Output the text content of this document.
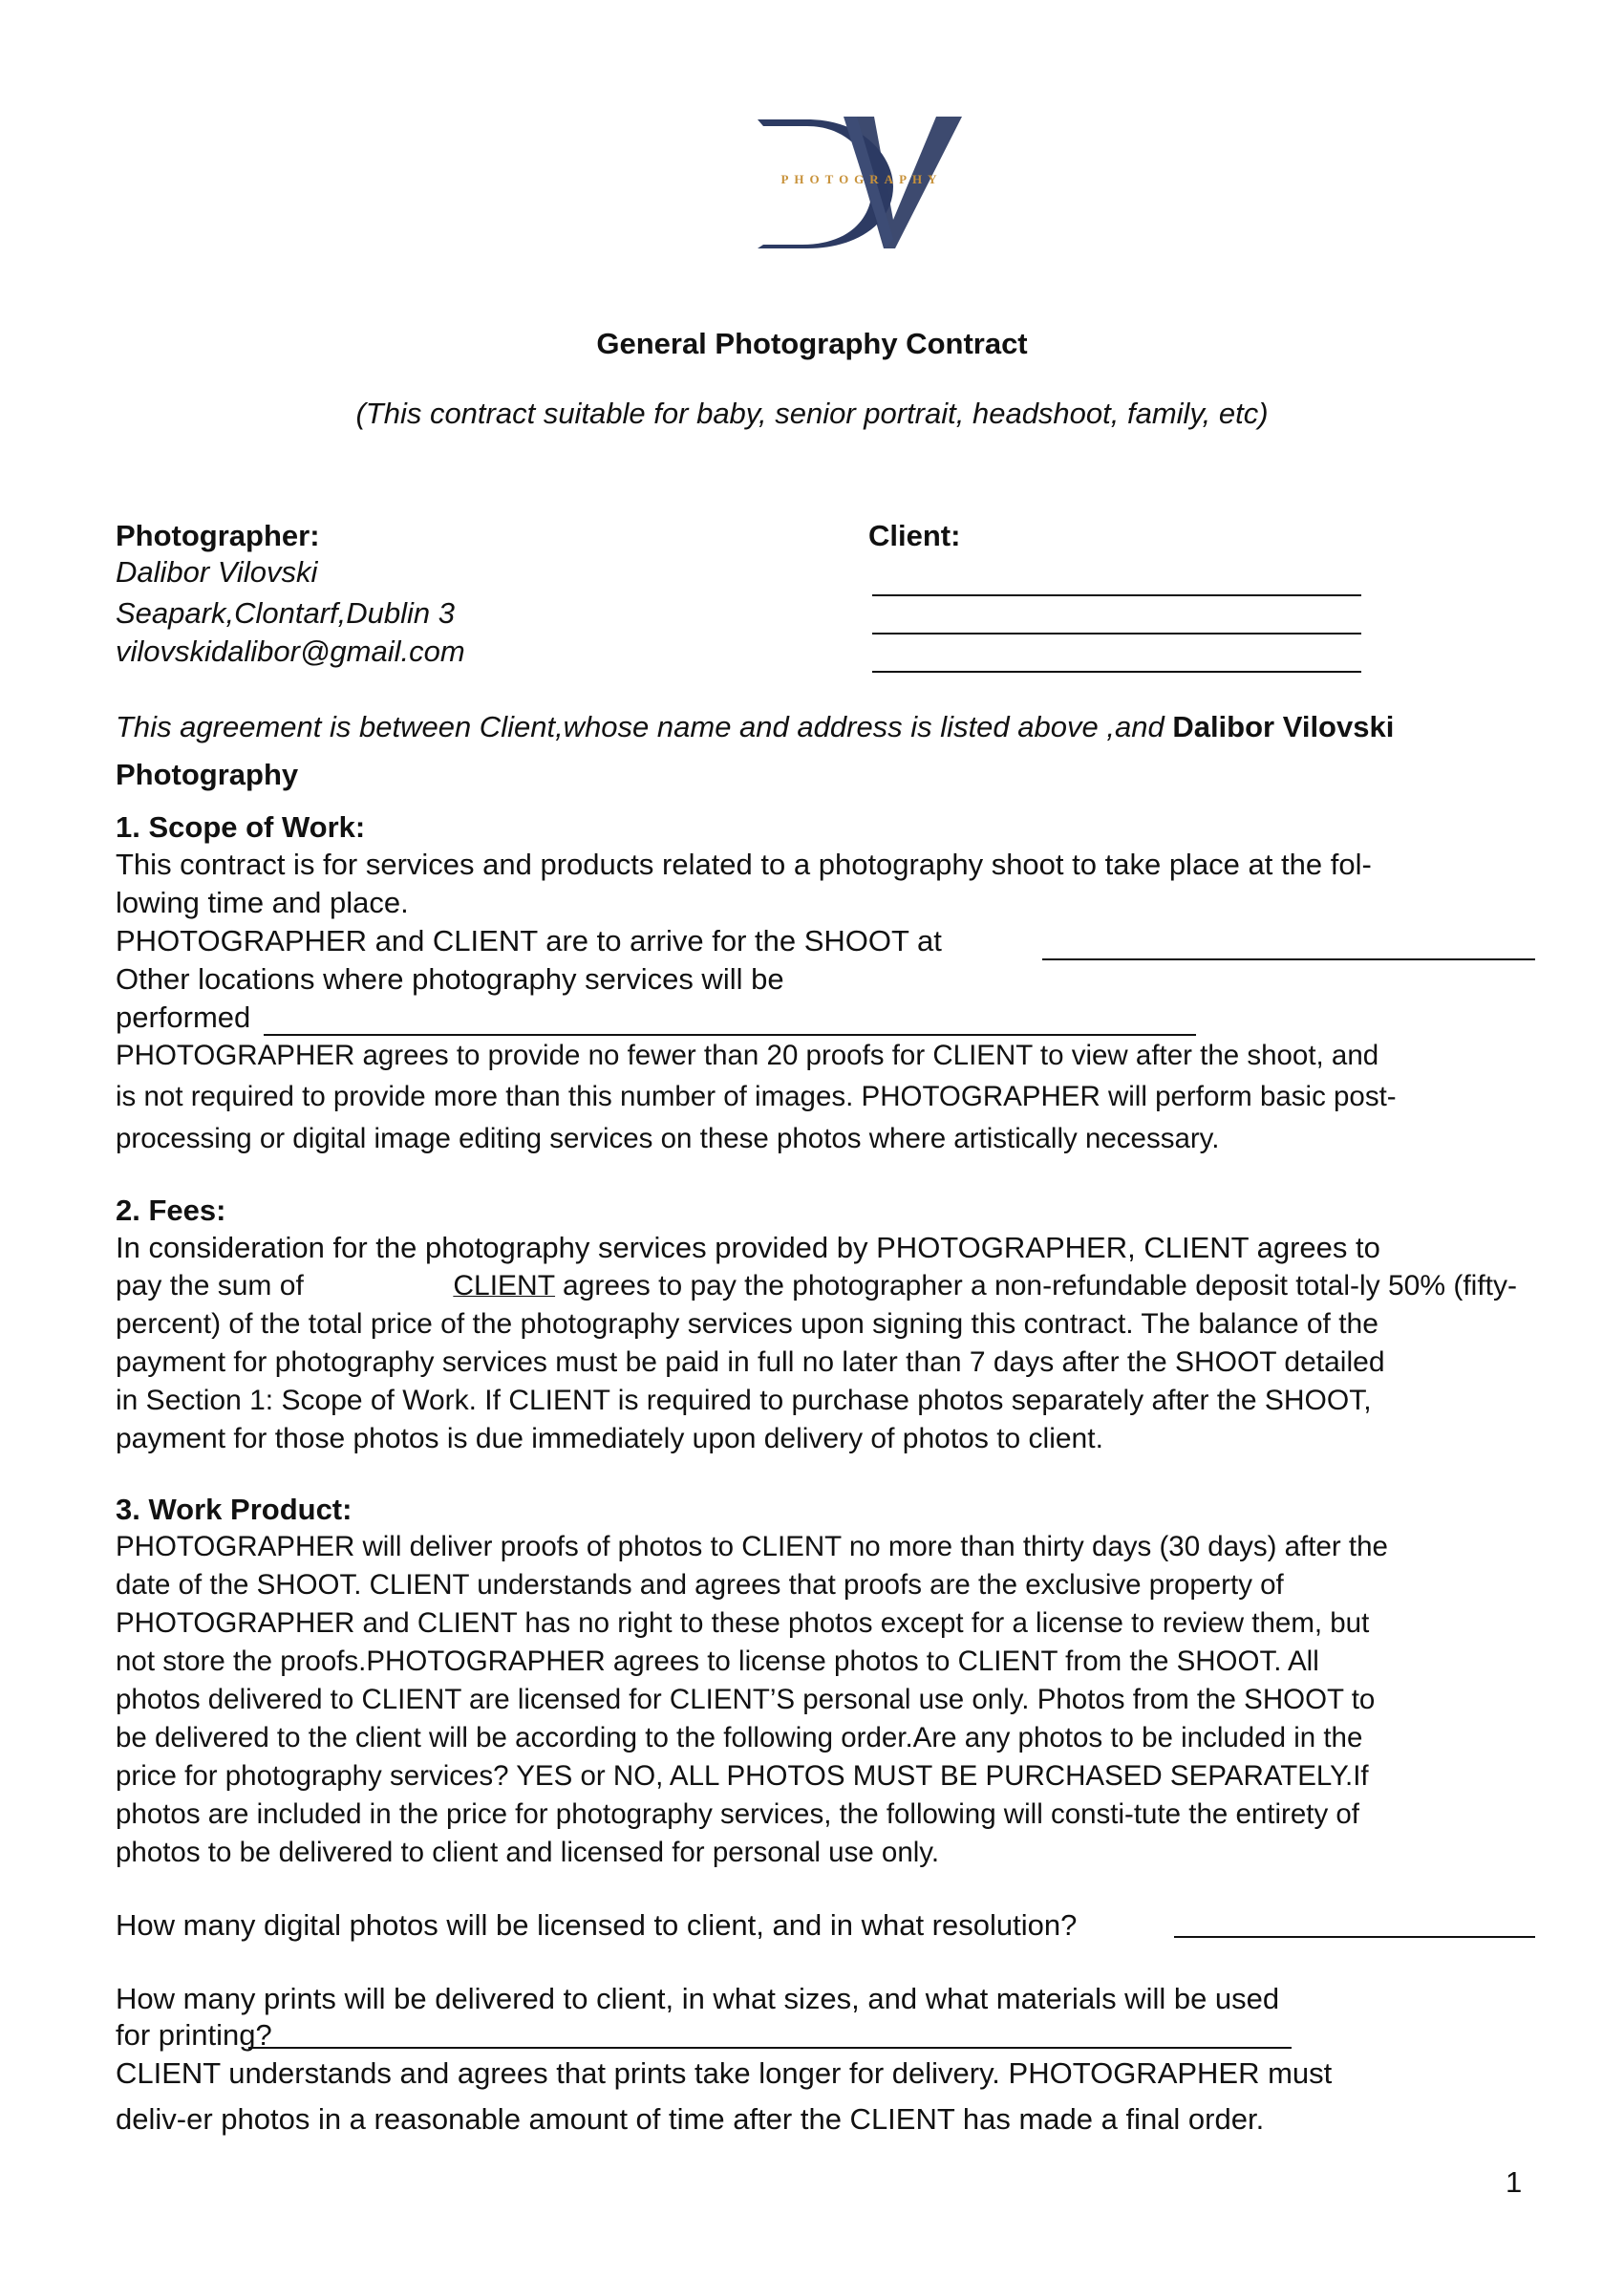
PHOTOGRAPHY
General Photography Contract
(This contract suitable for baby, senior portrait, headshoot, family, etc)
Photographer:
Dalibor Vilovski
Seapark,Clontarf,Dublin 3
vilovskidalibor@gmail.com
Client:
This agreement is between Client,whose name and address is listed above ,and Dalibor Vilovski
Photography
1. Scope of Work:
This contract is for services and products related to a photography shoot to take place at the fol-
lowing time and place.
PHOTOGRAPHER and CLIENT are to arrive for the SHOOT at
Other locations where photography services will be
performed
PHOTOGRAPHER agrees to provide no fewer than 20 proofs for CLIENT to view after the shoot, and
is not required to provide more than this number of images. PHOTOGRAPHER will perform basic post-
processing or digital image editing services on these photos where artistically necessary.
2. Fees:
In consideration for the photography services provided by PHOTOGRAPHER, CLIENT agrees to
pay the sum of	CLIENT agrees to pay the photographer a non-refundable deposit total-ly 50% (fifty-
percent) of the total price of the photography services upon signing this contract. The balance of the
payment for photography services must be paid in full no later than 7 days after the SHOOT detailed
in Section 1: Scope of Work. If CLIENT is required to purchase photos separately after the SHOOT,
payment for those photos is due immediately upon delivery of photos to client.
3. Work Product:
PHOTOGRAPHER will deliver proofs of photos to CLIENT no more than thirty days (30 days) after the
date of the SHOOT. CLIENT understands and agrees that proofs are the exclusive property of
PHOTOGRAPHER and CLIENT has no right to these photos except for a license to review them, but
not store the proofs.PHOTOGRAPHER agrees to license photos to CLIENT from the SHOOT. All
photos delivered to CLIENT are licensed for CLIENT’S personal use only. Photos from the SHOOT to
be delivered to the client will be according to the following order.Are any photos to be included in the
price for photography services? YES or NO, ALL PHOTOS MUST BE PURCHASED SEPARATELY.If
photos are included in the price for photography services, the following will consti-tute the entirety of
photos to be delivered to client and licensed for personal use only.
How many digital photos will be licensed to client, and in what resolution?
How many prints will be delivered to client, in what sizes, and what materials will be used
for printing?
CLIENT understands and agrees that prints take longer for delivery. PHOTOGRAPHER must
deliv-er photos in a reasonable amount of time after the CLIENT has made a final order.
1
